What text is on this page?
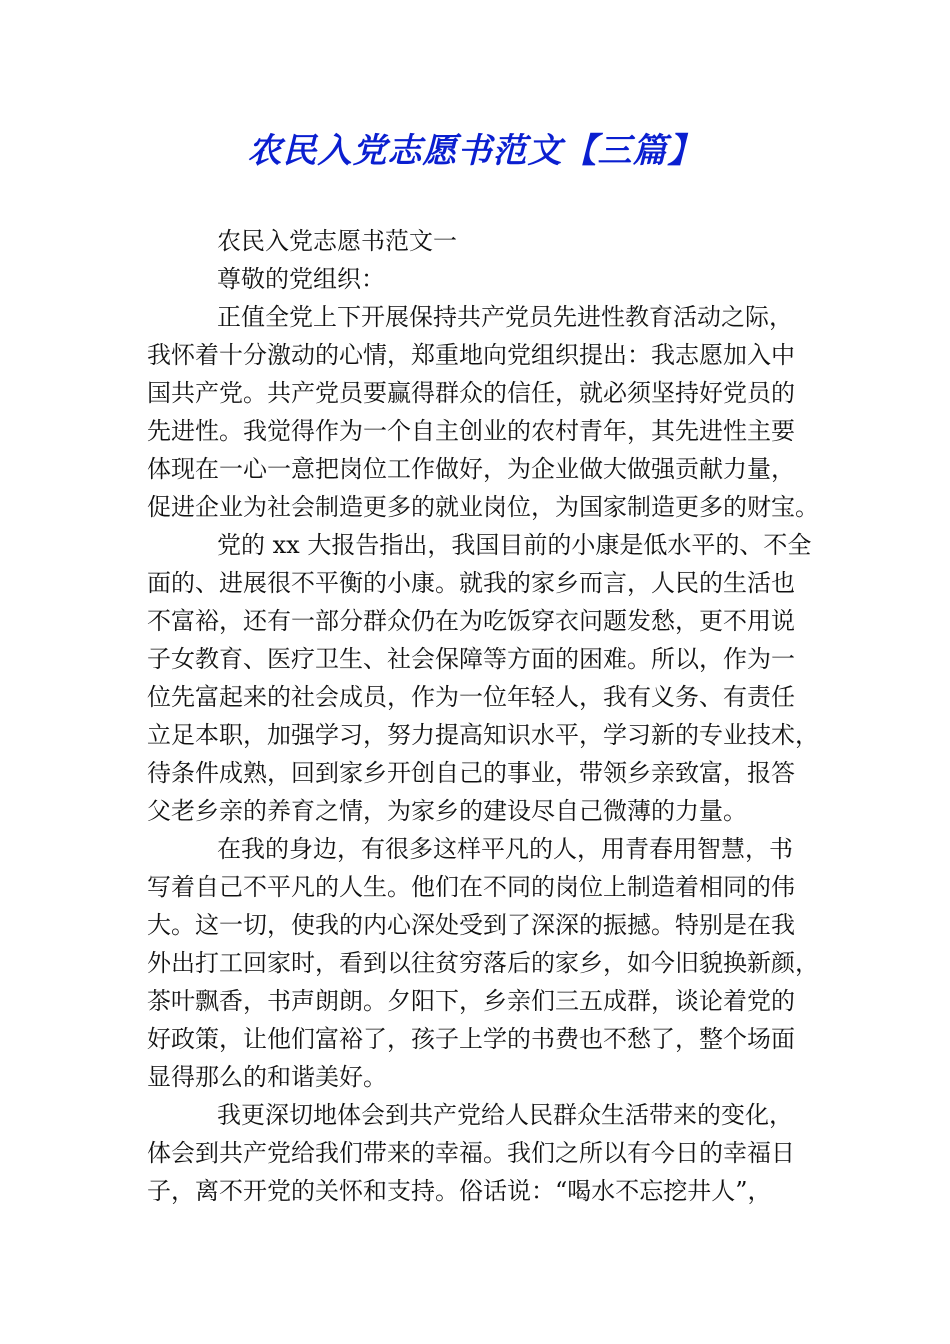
农民入党志愿书范文【三篇】
农民入党志愿书范文一
尊敬的党组织：
正值全党上下开展保持共产党员先进性教育活动之际，
我怀着十分激动的心情，郑重地向党组织提出：我志愿加入中
国共产党。共产党员要赢得群众的信任，就必须坚持好党员的
先进性。我觉得作为一个自主创业的农村青年，其先进性主要
体现在一心一意把岗位工作做好，为企业做大做强贡献力量，
促进企业为社会制造更多的就业岗位，为国家制造更多的财宝。
党的 xx 大报告指出，我国目前的小康是低水平的、不全
面的、进展很不平衡的小康。就我的家乡而言，人民的生活也
不富裕，还有一部分群众仍在为吃饭穿衣问题发愁，更不用说
子女教育、医疗卫生、社会保障等方面的困难。所以，作为一
位先富起来的社会成员，作为一位年轻人，我有义务、有责任
立足本职，加强学习，努力提高知识水平，学习新的专业技术，
待条件成熟，回到家乡开创自己的事业，带领乡亲致富，报答
父老乡亲的养育之情，为家乡的建设尽自己微薄的力量。
在我的身边，有很多这样平凡的人，用青春用智慧，书
写着自己不平凡的人生。他们在不同的岗位上制造着相同的伟
大。这一切，使我的内心深处受到了深深的振撼。特别是在我
外出打工回家时，看到以往贫穷落后的家乡，如今旧貌换新颜，
茶叶飘香，书声朗朗。夕阳下，乡亲们三五成群，谈论着党的
好政策，让他们富裕了，孩子上学的书费也不愁了，整个场面
显得那么的和谐美好。
我更深切地体会到共产党给人民群众生活带来的变化，
体会到共产党给我们带来的幸福。我们之所以有今日的幸福日
子，离不开党的关怀和支持。俗话说：“喝水不忘挖井人”，
